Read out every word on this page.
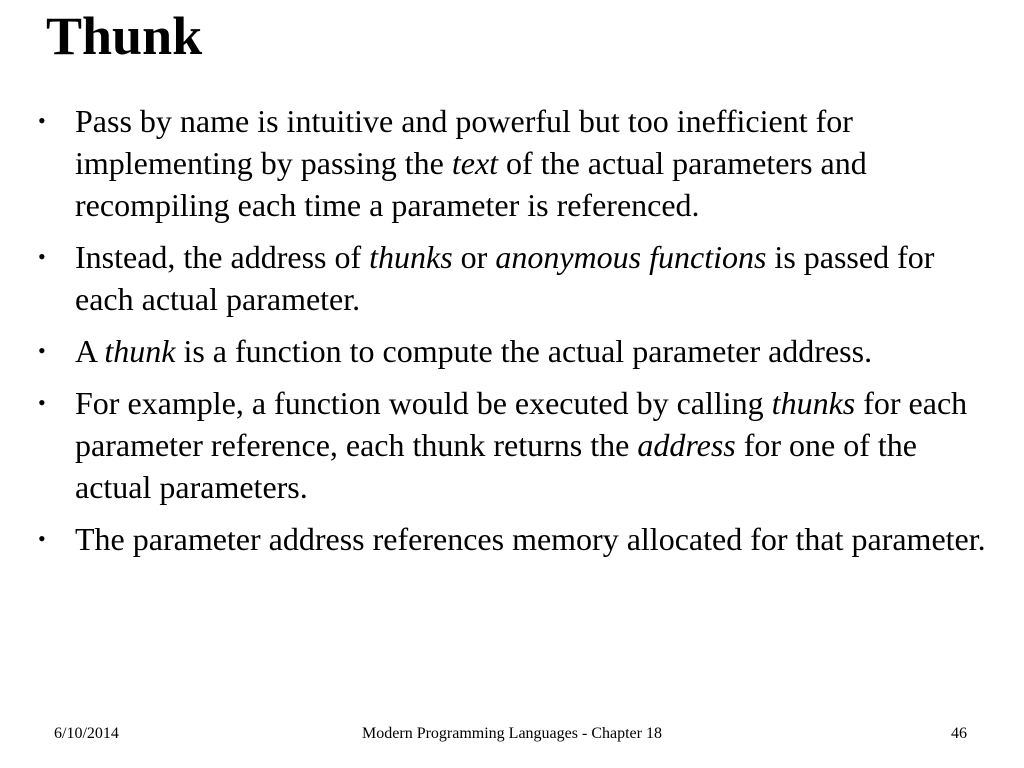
Thunk
• Pass by name is intuitive and powerful but too inefficient for implementing by passing the text of the actual parameters and recompiling each time a parameter is referenced.
• Instead, the address of thunks or anonymous functions is passed for each actual parameter.
• A thunk is a function to compute the actual parameter address.
• For example, a function would be executed by calling thunks for each parameter reference, each thunk returns the address for one of the actual parameters.
• The parameter address references memory allocated for that parameter.
6/10/2014	Modern Programming Languages - Chapter 18	46
